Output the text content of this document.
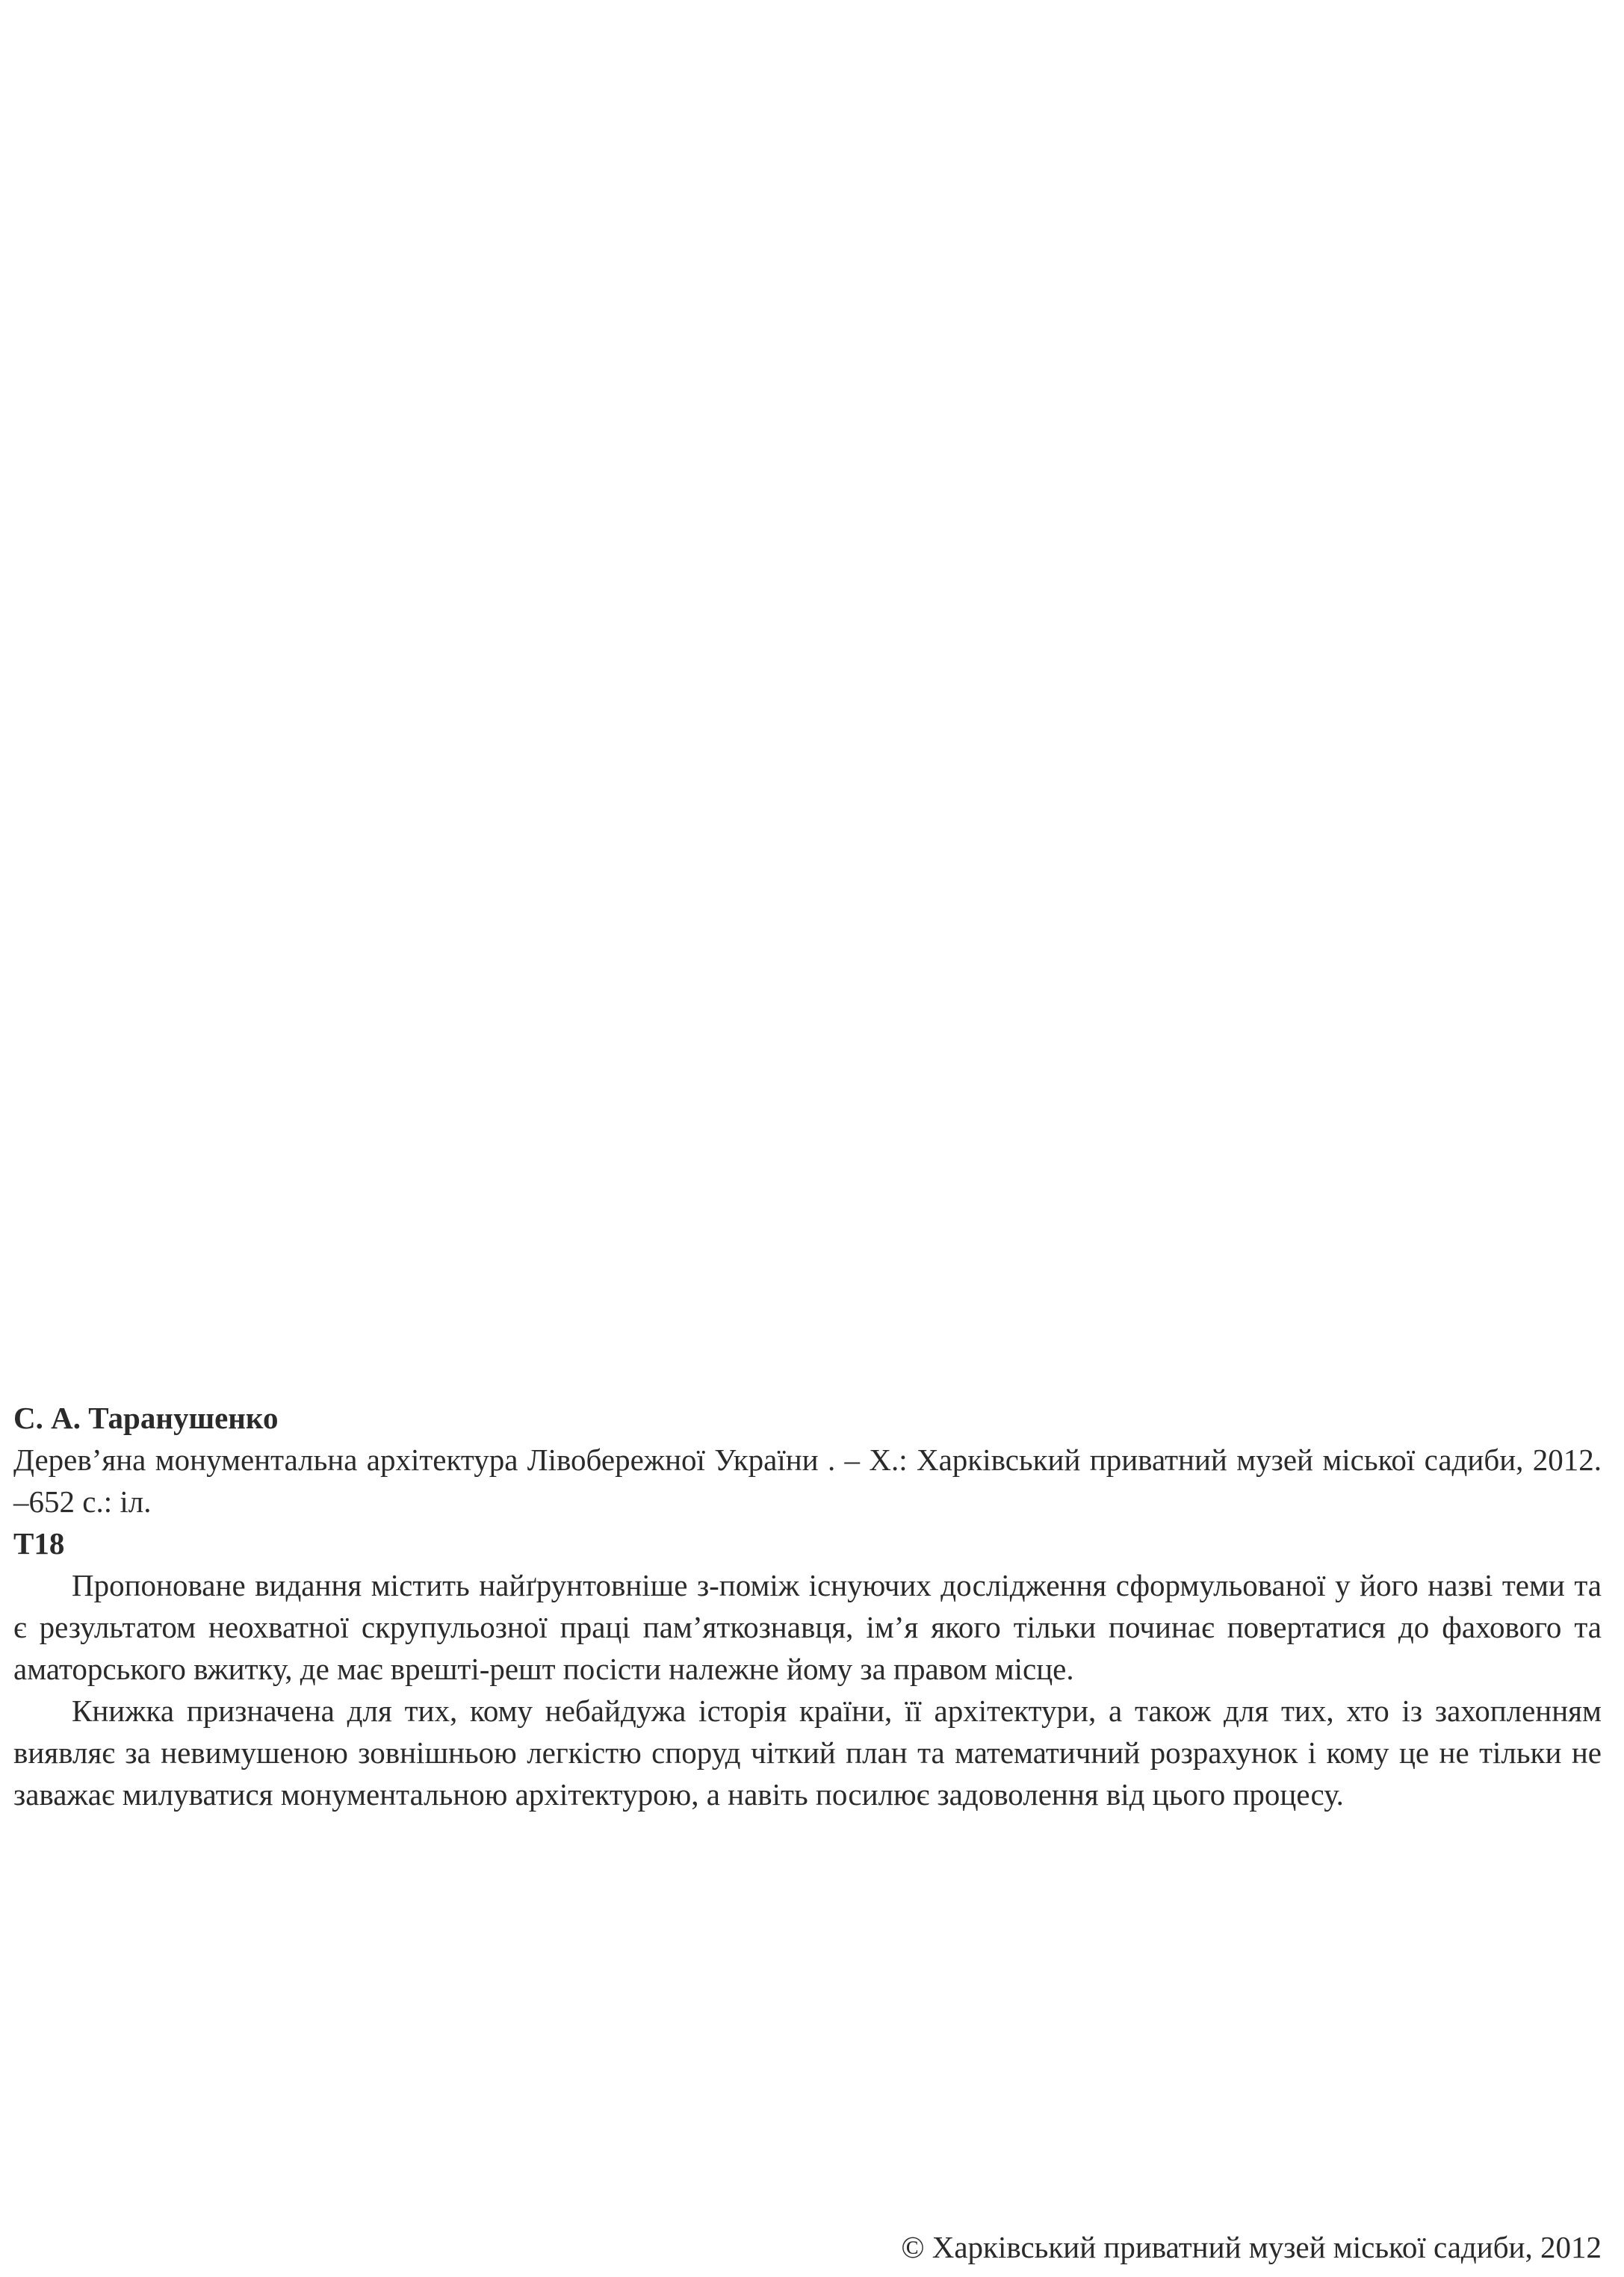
С. А. Таранушенко

Дерев’яна монументальна архітектура Лівобережної України . – Х.: Харківський приватний музей міської садиби, 2012. –652 с.: іл.

Т18

Пропоноване видання містить найґрунтовніше з-поміж існуючих дослідження сформульованої у його назві теми та є результатом неохватної скрупульозної праці пам’яткознавця, ім’я якого тільки починає повертатися до фахового та аматорського вжитку, де має врешті-решт посісти належне йому за правом місце.

Книжка призначена для тих, кому небайдужа історія країни, її архітектури, а також для тих, хто із захопленням виявляє за невимушеною зовнішньою легкістю споруд чіткий план та математичний розрахунок і кому це не тільки не заважає милуватися монументальною архітектурою, а навіть посилює задоволення від цього процесу.

© Харківський приватний музей міської садиби, 2012
